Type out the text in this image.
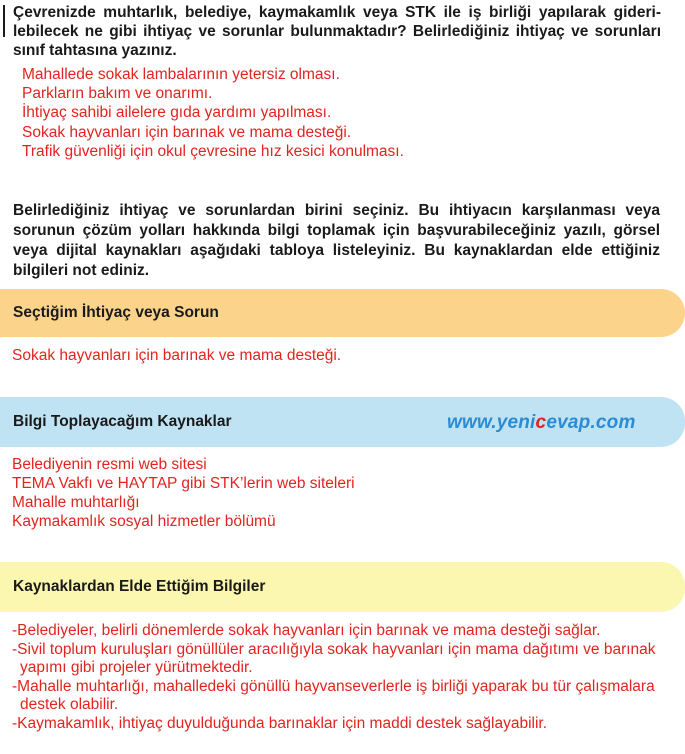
Çevrenizde muhtarlık, belediye, kaymakamlık veya STK ile iş birliği yapılarak gideri-lebilecek ne gibi ihtiyaç ve sorunlar bulunmaktadır? Belirlediğiniz ihtiyaç ve sorunları sınıf tahtasına yazınız.

Mahallede sokak lambalarının yetersiz olması.
Parkların bakım ve onarımı.
İhtiyaç sahibi ailelere gıda yardımı yapılması.
Sokak hayvanları için barınak ve mama desteği.
Trafik güvenliği için okul çevresine hız kesici konulması.

Belirlediğiniz ihtiyaç ve sorunlardan birini seçiniz. Bu ihtiyacın karşılanması veya sorunun çözüm yolları hakkında bilgi toplamak için başvurabileceğiniz yazılı, görsel veya dijital kaynakları aşağıdaki tabloya listeleyiniz. Bu kaynaklardan elde ettiğiniz bilgileri not ediniz.

Seçtiğim İhtiyaç veya Sorun
Sokak hayvanları için barınak ve mama desteği.
Bilgi Toplayacağım Kaynaklar	www.yenicevap.com
Belediyenin resmi web sitesi
TEMA Vakfı ve HAYTAP gibi STK’lerin web siteleri
Mahalle muhtarlığı
Kaymakamlık sosyal hizmetler bölümü
Kaynaklardan Elde Ettiğim Bilgiler
-Belediyeler, belirli dönemlerde sokak hayvanları için barınak ve mama desteği sağlar.
-Sivil toplum kuruluşları gönüllüler aracılığıyla sokak hayvanları için mama dağıtımı ve barınak yapımı gibi projeler yürütmektedir.
-Mahalle muhtarlığı, mahalledeki gönüllü hayvanseverlerle iş birliği yaparak bu tür çalışmalara destek olabilir.
-Kaymakamlık, ihtiyaç duyulduğunda barınaklar için maddi destek sağlayabilir.
